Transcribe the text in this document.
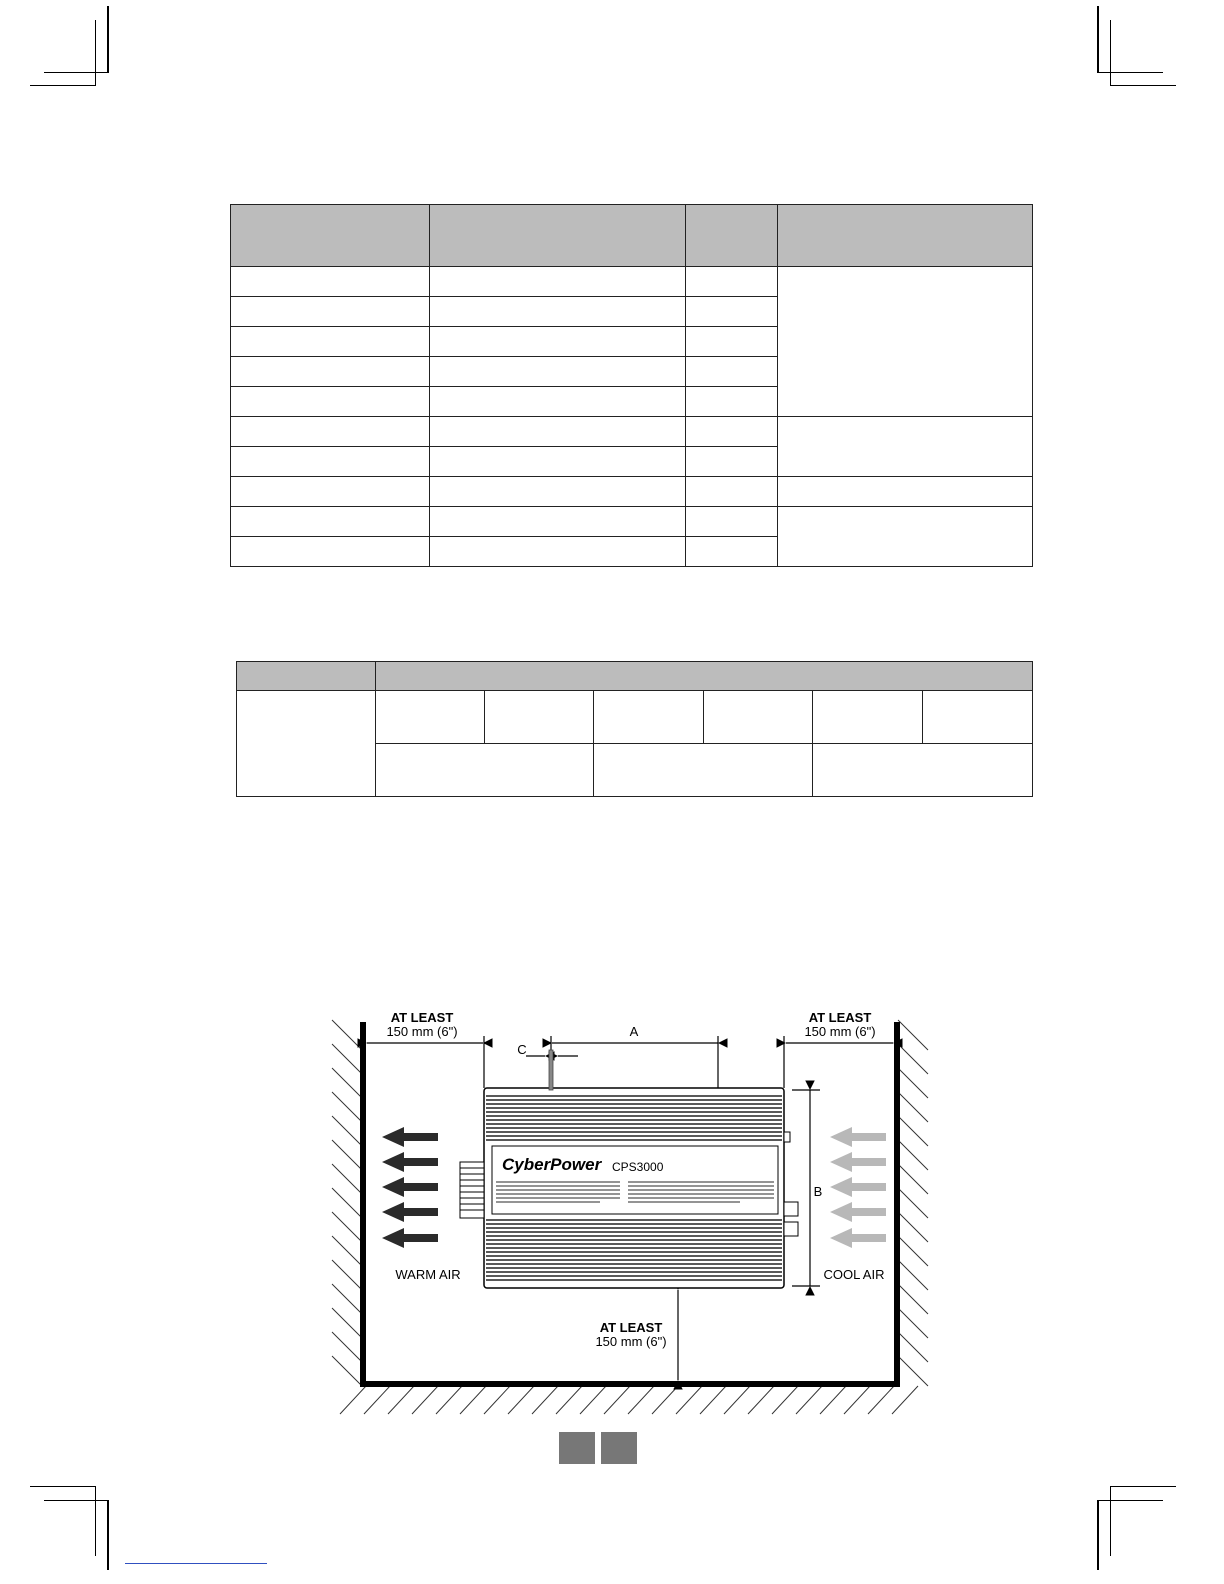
CyberPower CPS3000
AT LEAST
150 mm (6")
AT LEAST
150 mm (6")
AT LEAST
150 mm (6")
A
C
B
WARM AIR	COOL AIR
